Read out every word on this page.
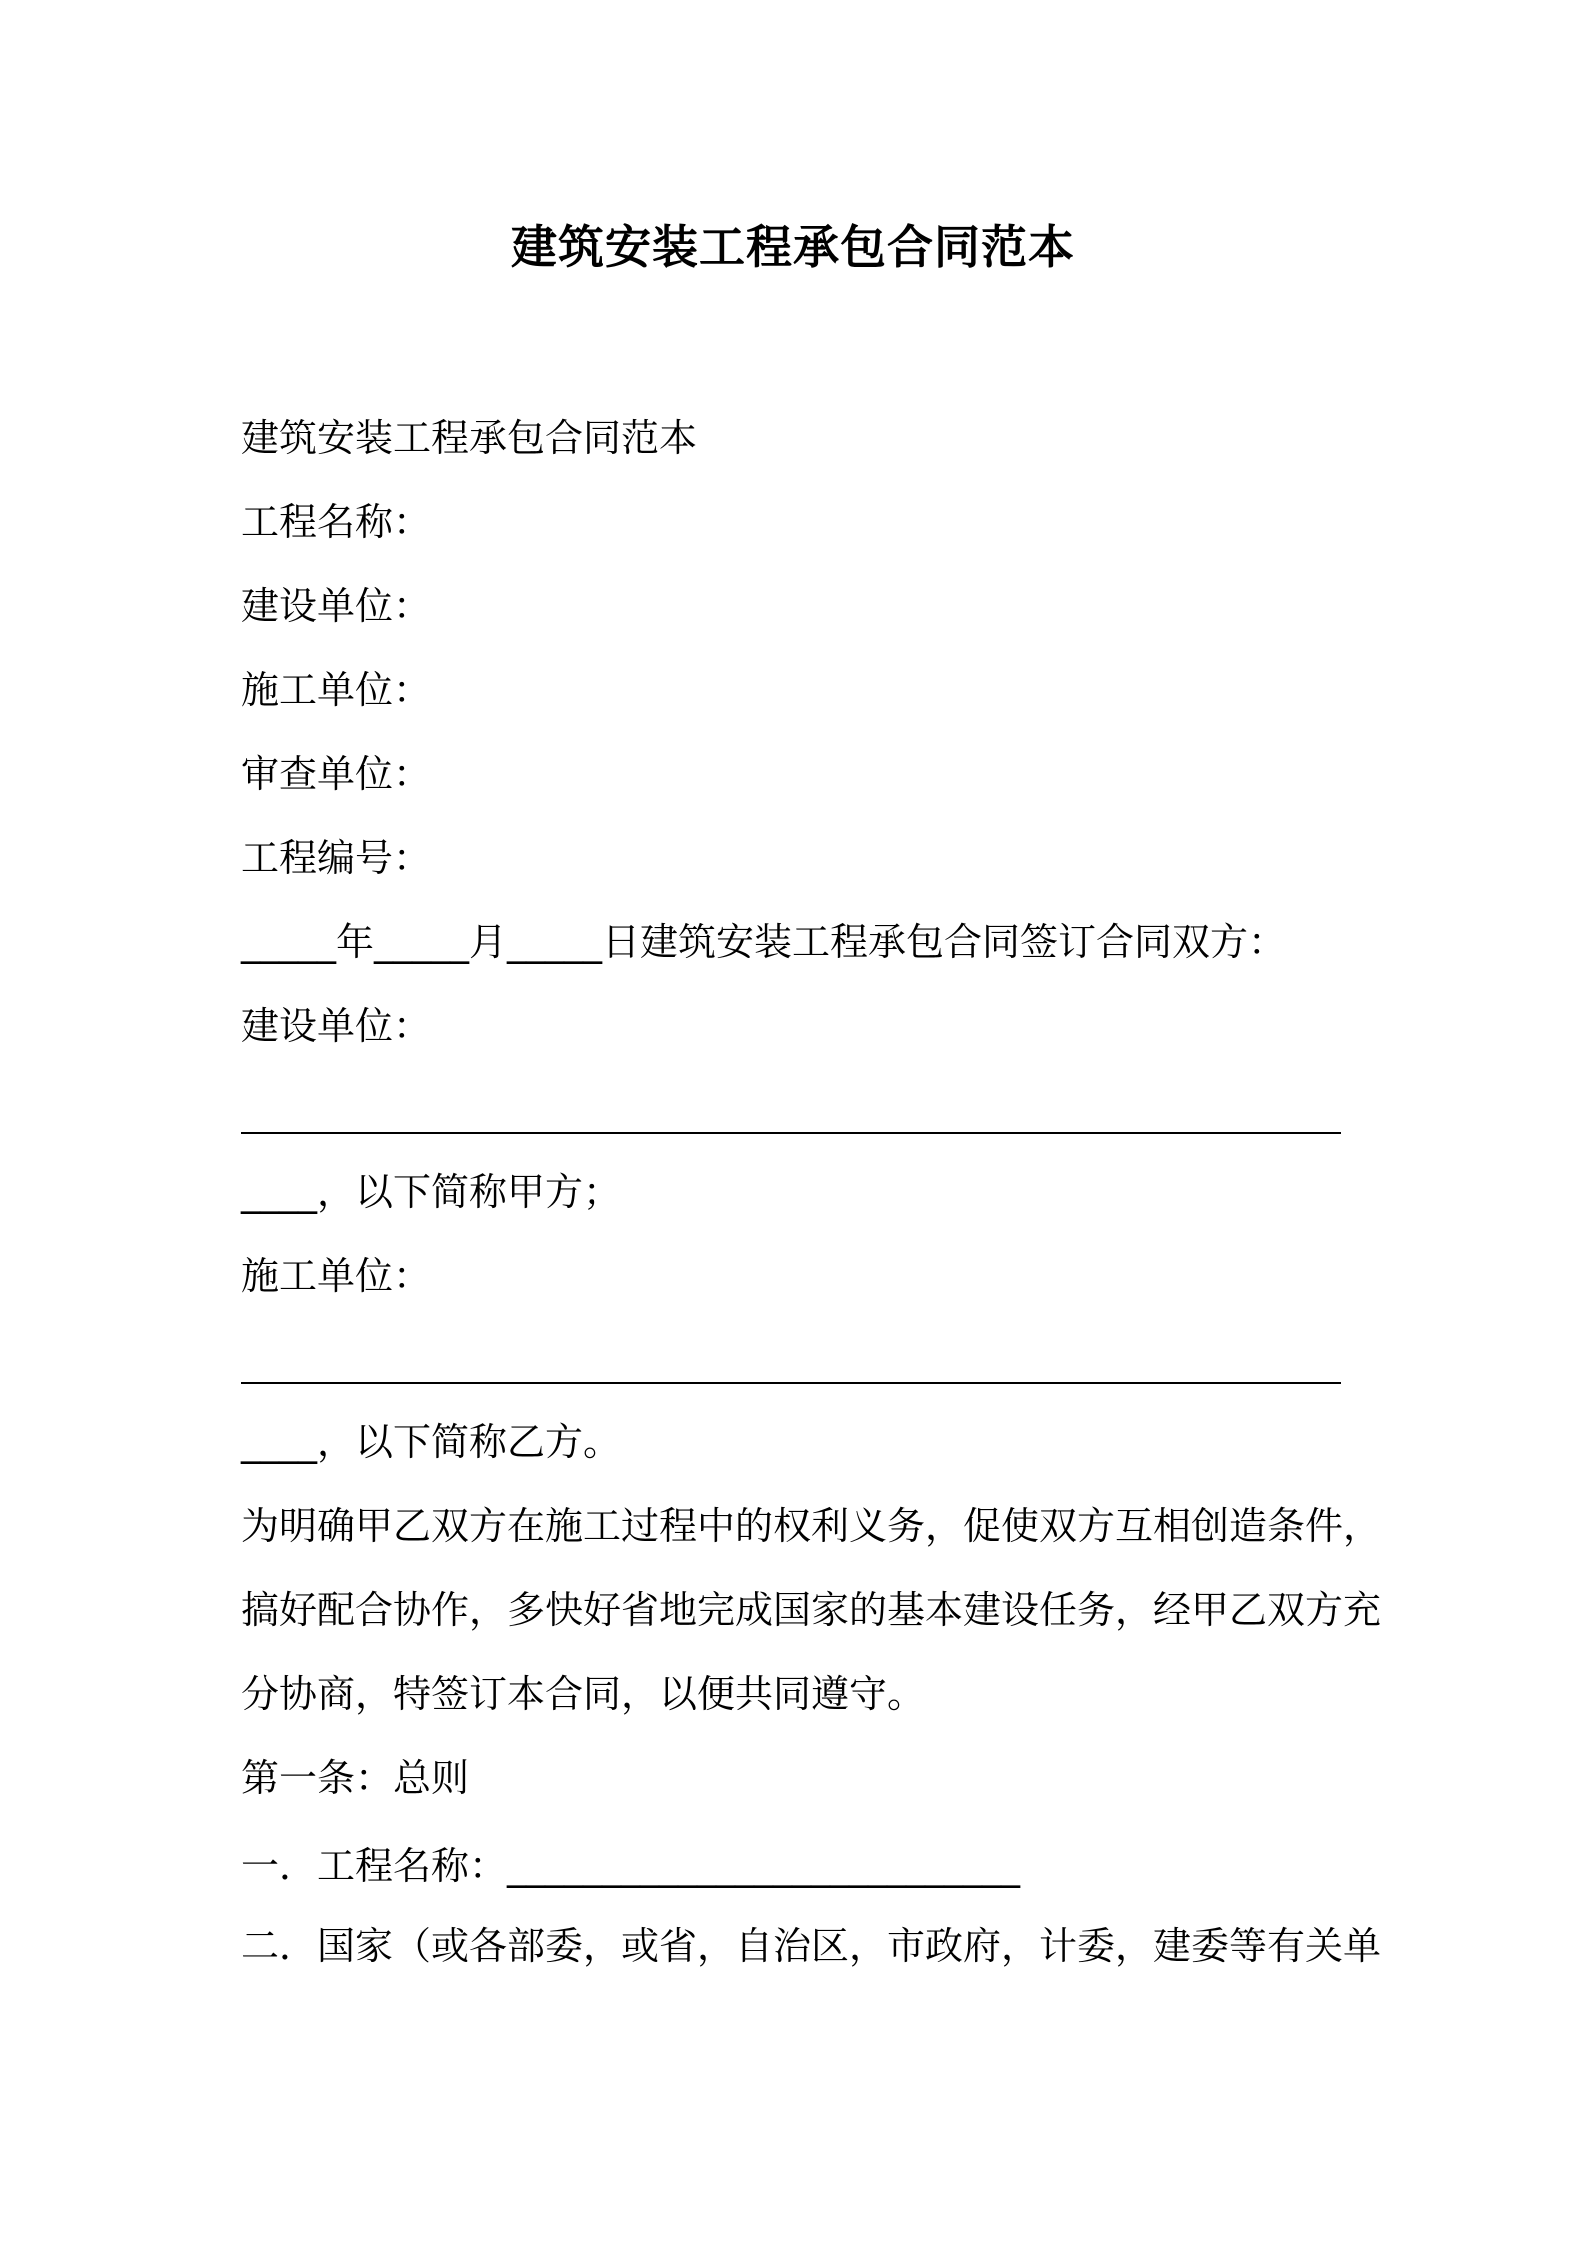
建筑安装工程承包合同范本
建筑安装工程承包合同范本
工程名称：
建设单位：
施工单位：
审查单位：
工程编号：
_____年_____月_____日建筑安装工程承包合同签订合同双方：
建设单位：
____，以下简称甲方；
施工单位：
____，以下简称乙方。
为明确甲乙双方在施工过程中的权利义务，促使双方互相创造条件，
搞好配合协作，多快好省地完成国家的基本建设任务，经甲乙双方充
分协商，特签订本合同，以便共同遵守。
第一条：总则
一．工程名称：___________________________
二．国家（或各部委，或省，自治区，市政府，计委，建委等有关单
